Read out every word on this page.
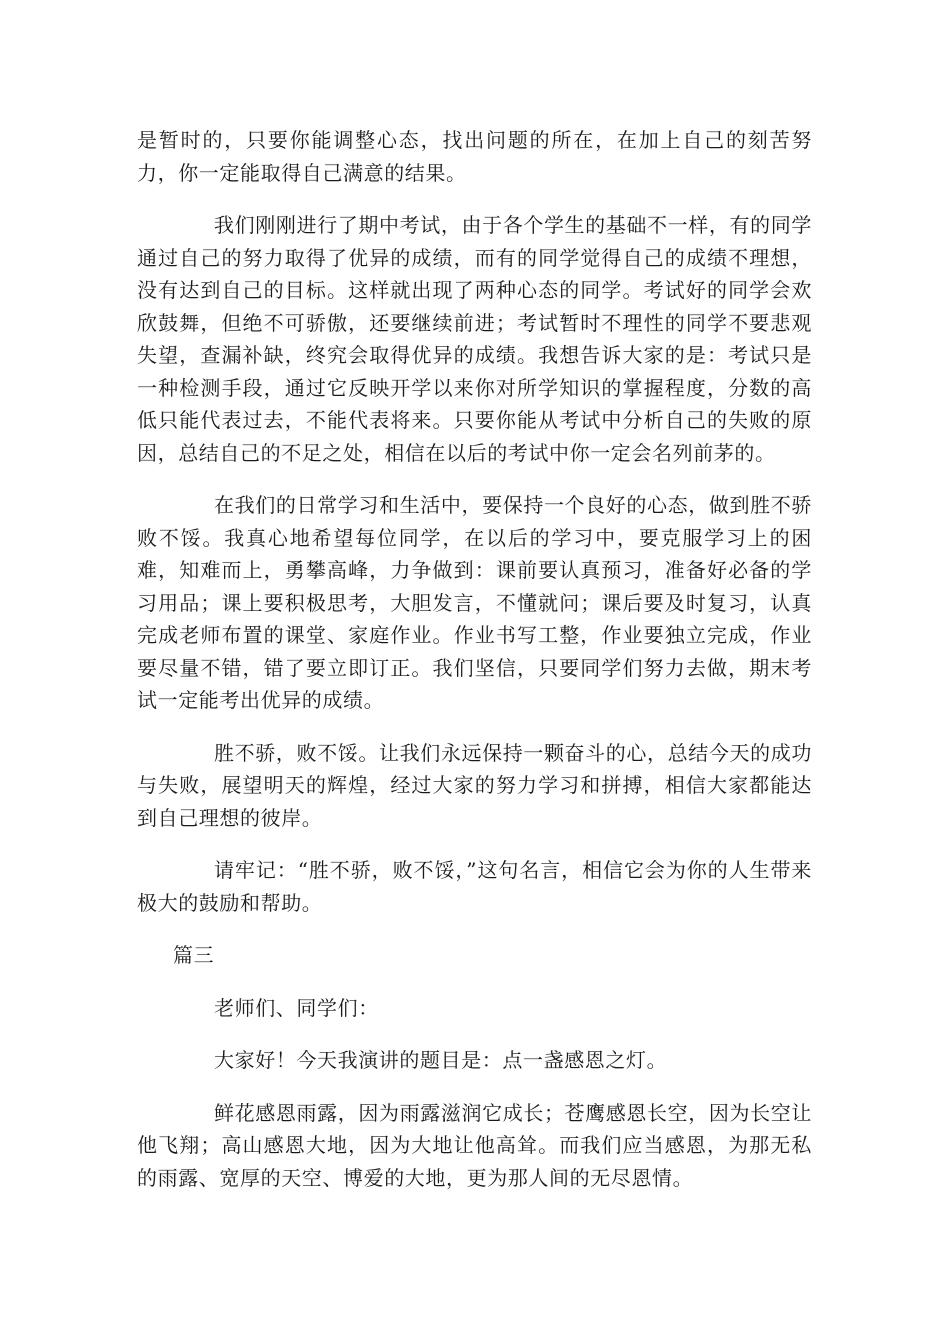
是暂时的，只要你能调整心态，找出问题的所在，在加上自己的刻苦努力，你一定能取得自己满意的结果。

我们刚刚进行了期中考试，由于各个学生的基础不一样，有的同学通过自己的努力取得了优异的成绩，而有的同学觉得自己的成绩不理想，没有达到自己的目标。这样就出现了两种心态的同学。考试好的同学会欢欣鼓舞，但绝不可骄傲，还要继续前进；考试暂时不理性的同学不要悲观失望，查漏补缺，终究会取得优异的成绩。我想告诉大家的是：考试只是一种检测手段，通过它反映开学以来你对所学知识的掌握程度，分数的高低只能代表过去，不能代表将来。只要你能从考试中分析自己的失败的原因，总结自己的不足之处，相信在以后的考试中你一定会名列前茅的。

在我们的日常学习和生活中，要保持一个良好的心态，做到胜不骄败不馁。我真心地希望每位同学，在以后的学习中，要克服学习上的困难，知难而上，勇攀高峰，力争做到：课前要认真预习，准备好必备的学习用品；课上要积极思考，大胆发言，不懂就问；课后要及时复习，认真完成老师布置的课堂、家庭作业。作业书写工整，作业要独立完成，作业要尽量不错，错了要立即订正。我们坚信，只要同学们努力去做，期末考试一定能考出优异的成绩。

胜不骄，败不馁。让我们永远保持一颗奋斗的心，总结今天的成功与失败，展望明天的辉煌，经过大家的努力学习和拼搏，相信大家都能达到自己理想的彼岸。

请牢记：“胜不骄，败不馁，”这句名言，相信它会为你的人生带来极大的鼓励和帮助。

篇三

老师们、同学们：

大家好！今天我演讲的题目是：点一盏感恩之灯。

鲜花感恩雨露，因为雨露滋润它成长；苍鹰感恩长空，因为长空让他飞翔；高山感恩大地，因为大地让他高耸。而我们应当感恩，为那无私的雨露、宽厚的天空、博爱的大地，更为那人间的无尽恩情。
